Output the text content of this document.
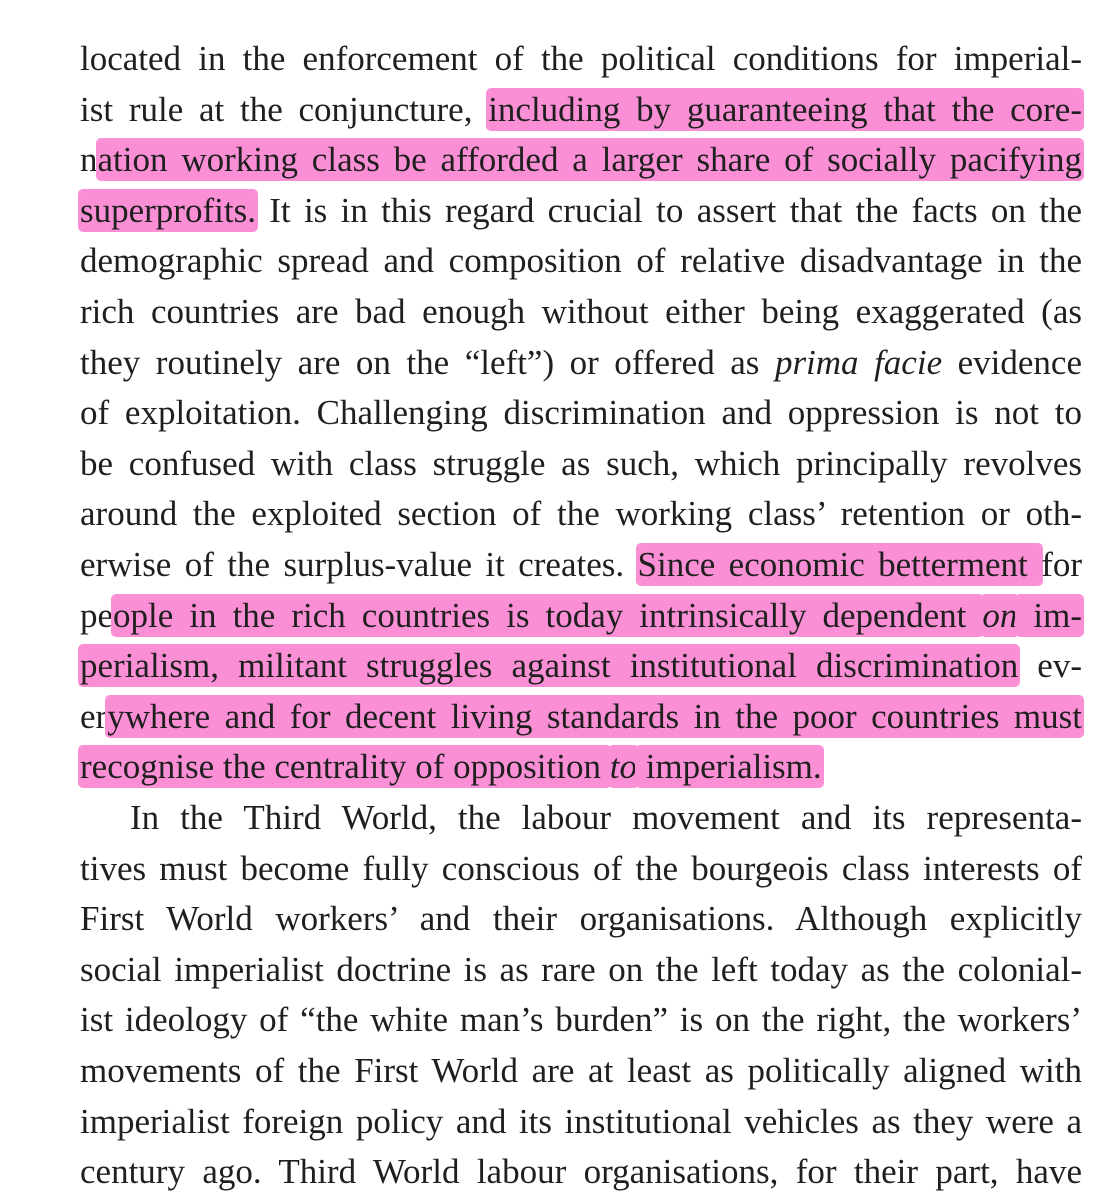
located in the enforcement of the political conditions for imperial-
ist rule at the conjuncture, including by guaranteeing that the core-
nation working class be afforded a larger share of socially pacifying
superprofits. It is in this regard crucial to assert that the facts on the
demographic spread and composition of relative disadvantage in the
rich countries are bad enough without either being exaggerated (as
they routinely are on the “left”) or offered as prima facie evidence
of exploitation. Challenging discrimination and oppression is not to
be confused with class struggle as such, which principally revolves
around the exploited section of the working class’ retention or oth-
erwise of the surplus-value it creates. Since economic betterment for
people in the rich countries is today intrinsically dependent on im-
perialism, militant struggles against institutional discrimination ev-
erywhere and for decent living standards in the poor countries must
recognise the centrality of opposition to imperialism.
In the Third World, the labour movement and its representa-
tives must become fully conscious of the bourgeois class interests of
First World workers’ and their organisations. Although explicitly
social imperialist doctrine is as rare on the left today as the colonial-
ist ideology of “the white man’s burden” is on the right, the workers’
movements of the First World are at least as politically aligned with
imperialist foreign policy and its institutional vehicles as they were a
century ago. Third World labour organisations, for their part, have
